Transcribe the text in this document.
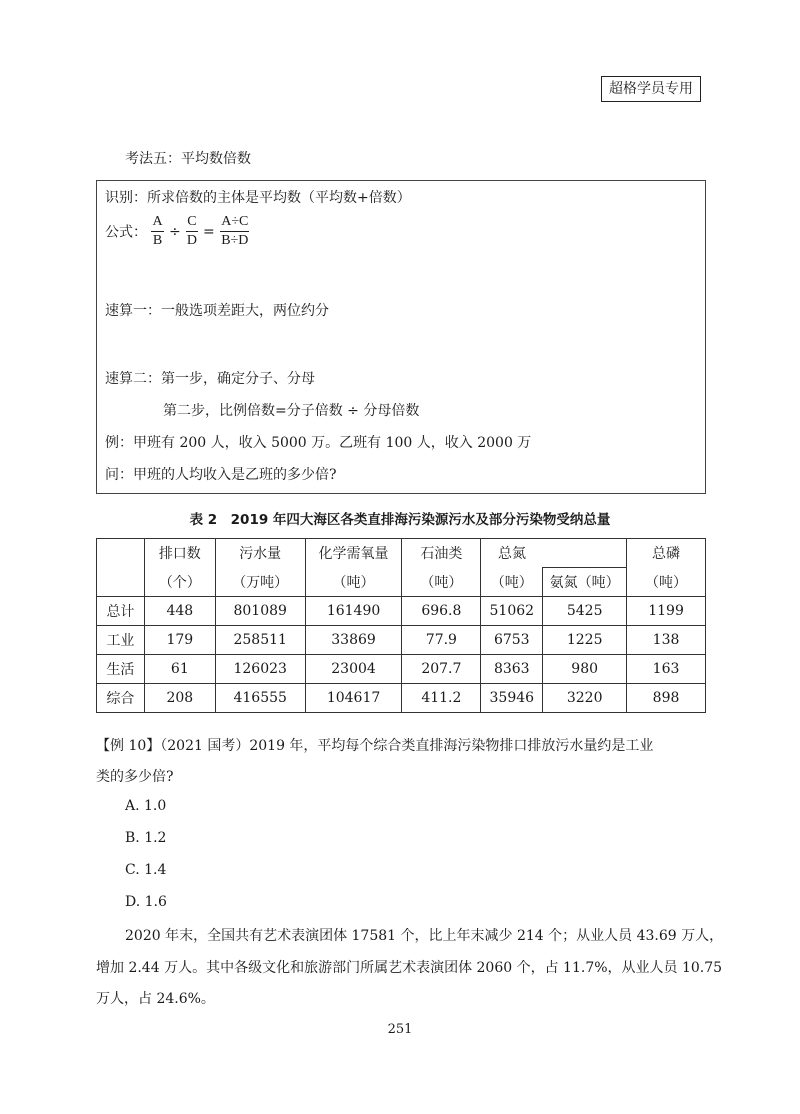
超格学员专用
考法五：平均数倍数
识别：所求倍数的主体是平均数（平均数+倍数）
公式： $\frac{A}{B} \div \frac{C}{D} = \frac{A\div C}{B\div D}$
速算一：一般选项差距大，两位约分
速算二：第一步，确定分子、分母
第二步，比例倍数=分子倍数 ÷ 分母倍数
例：甲班有 200 人，收入 5000 万。乙班有 100 人，收入 2000 万
问：甲班的人均收入是乙班的多少倍?
表 2　2019 年四大海区各类直排海污染源污水及部分污染物受纳总量
	排口数	污水量	化学需氧量	石油类	总氮		总磷
	（个）	（万吨）	（吨）	（吨）	（吨）	氨氮（吨）	（吨）
总计	448	801089	161490	696.8	51062	5425	1199
工业	179	258511	33869	77.9	6753	1225	138
生活	61	126023	23004	207.7	8363	980	163
综合	208	416555	104617	411.2	35946	3220	898
【例 10】（2021 国考）2019 年，平均每个综合类直排海污染物排口排放污水量约是工业
类的多少倍?
A. 1.0
B. 1.2
C. 1.4
D. 1.6
2020 年末，全国共有艺术表演团体 17581 个，比上年末减少 214 个；从业人员 43.69 万人，
增加 2.44 万人。其中各级文化和旅游部门所属艺术表演团体 2060 个，占 11.7%，从业人员 10.75
万人，占 24.6%。
251
